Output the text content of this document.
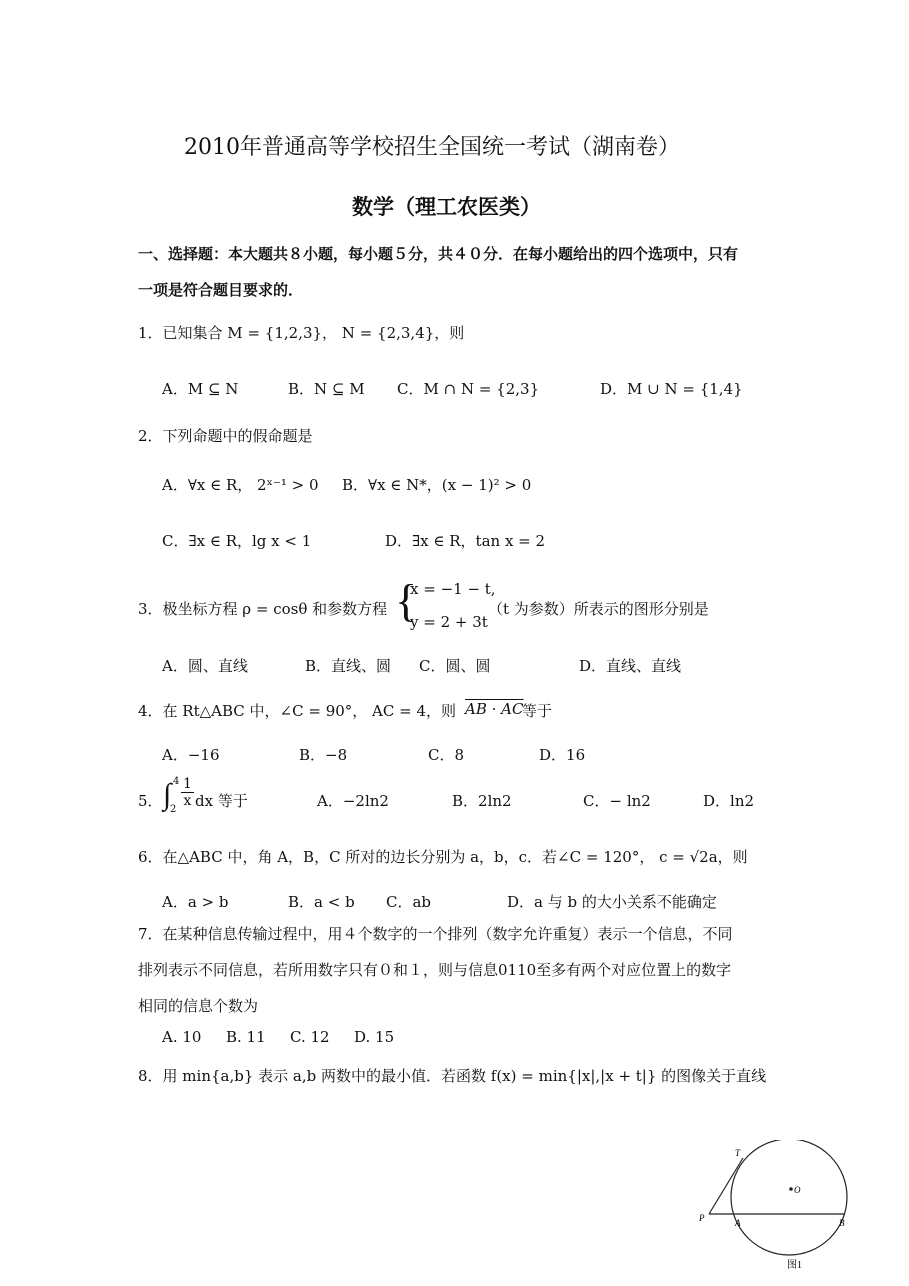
2010年普通高等学校招生全国统一考试（湖南卷）
数学（理工农医类）
一、选择题：本大题共８小题，每小题５分，共４０分．在每小题给出的四个选项中，只有
一项是符合题目要求的．
1．已知集合 M = {1,2,3}， N = {2,3,4}，则
A．M ⊆ N	B．N ⊆ M C．M ∩ N = {2,3}	D．M ∪ N = {1,4}
2．下列命题中的假命题是
A．∀x ∈ R， 2ˣ⁻¹ > 0 B．∀x ∈ N*，(x − 1)² > 0
C．∃x ∈ R，lg x < 1	D．∃x ∈ R，tan x = 2
3．极坐标方程 ρ = cosθ 和参数方程 {
x = −1 − t,
y = 2 + 3t
（t 为参数）所表示的图形分别是
A．圆、直线	B．直线、圆 C．圆、圆	D．直线、直线
4．在 Rt△ABC 中，∠C = 90°， AC = 4，则 AB · AC
等于
A．−16	B．−8	C．8	D．16
5． ∫ 4
2
$\frac{1}{x}$ dx 等于	A．−2ln2	B．2ln2	C．− ln2	D．ln2
6．在△ABC 中，角 A，B，C 所对的边长分别为 a，b，c．若∠C = 120°， c = √2a，则
A．a > b	B．a < b C．ab	D．a 与 b 的大小关系不能确定
7．在某种信息传输过程中，用４个数字的一个排列（数字允许重复）表示一个信息，不同
排列表示不同信息，若所用数字只有０和１，则与信息0110至多有两个对应位置上的数字
相同的信息个数为
A. 10 B. 11 C. 12 D. 15
8．用 min{a,b} 表示 a,b 两数中的最小值．若函数 f(x) = min{|x|,|x + t|} 的图像关于直线
T
O
P	A	B
图1
